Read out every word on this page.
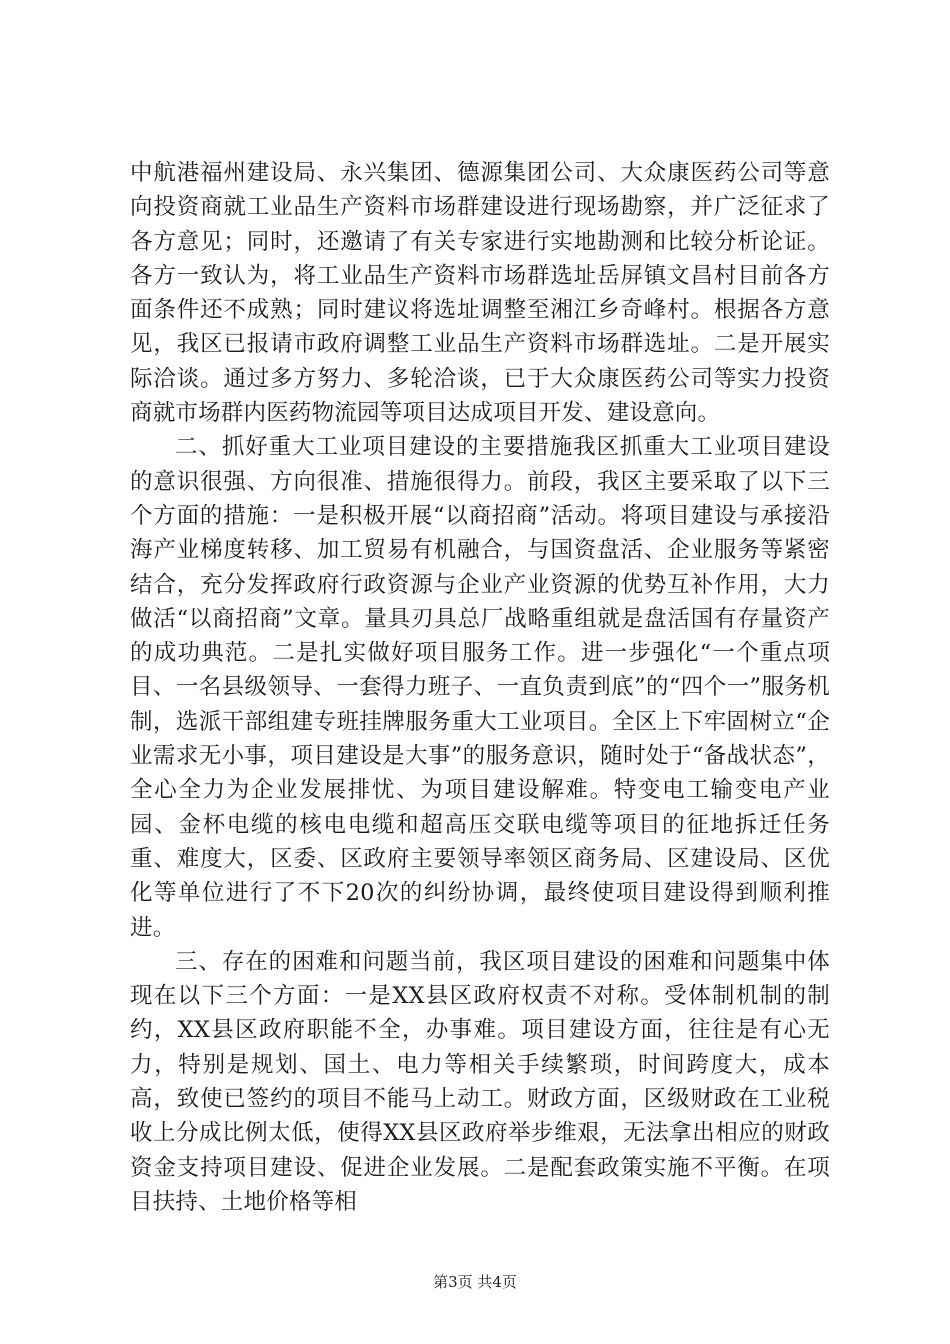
中航港福州建设局、永兴集团、德源集团公司、大众康医药公司等意向投资商就工业品生产资料市场群建设进行现场勘察，并广泛征求了各方意见；同时，还邀请了有关专家进行实地勘测和比较分析论证。各方一致认为，将工业品生产资料市场群选址岳屏镇文昌村目前各方面条件还不成熟；同时建议将选址调整至湘江乡奇峰村。根据各方意见，我区已报请市政府调整工业品生产资料市场群选址。二是开展实际洽谈。通过多方努力、多轮洽谈，已于大众康医药公司等实力投资商就市场群内医药物流园等项目达成项目开发、建设意向。

二、抓好重大工业项目建设的主要措施我区抓重大工业项目建设的意识很强、方向很准、措施很得力。前段，我区主要采取了以下三个方面的措施：一是积极开展“以商招商”活动。将项目建设与承接沿海产业梯度转移、加工贸易有机融合，与国资盘活、企业服务等紧密结合，充分发挥政府行政资源与企业产业资源的优势互补作用，大力做活“以商招商”文章。量具刃具总厂战略重组就是盘活国有存量资产的成功典范。二是扎实做好项目服务工作。进一步强化“一个重点项目、一名县级领导、一套得力班子、一直负责到底”的“四个一”服务机制，选派干部组建专班挂牌服务重大工业项目。全区上下牢固树立“企业需求无小事，项目建设是大事”的服务意识，随时处于“备战状态”，全心全力为企业发展排忧、为项目建设解难。特变电工输变电产业园、金杯电缆的核电电缆和超高压交联电缆等项目的征地拆迁任务重、难度大，区委、区政府主要领导率领区商务局、区建设局、区优化等单位进行了不下20次的纠纷协调，最终使项目建设得到顺利推进。

三、存在的困难和问题当前，我区项目建设的困难和问题集中体现在以下三个方面：一是XX县区政府权责不对称。受体制机制的制约，XX县区政府职能不全，办事难。项目建设方面，往往是有心无力，特别是规划、国土、电力等相关手续繁琐，时间跨度大，成本高，致使已签约的项目不能马上动工。财政方面，区级财政在工业税收上分成比例太低，使得XX县区政府举步维艰，无法拿出相应的财政资金支持项目建设、促进企业发展。二是配套政策实施不平衡。在项目扶持、土地价格等相

第3页 共4页
